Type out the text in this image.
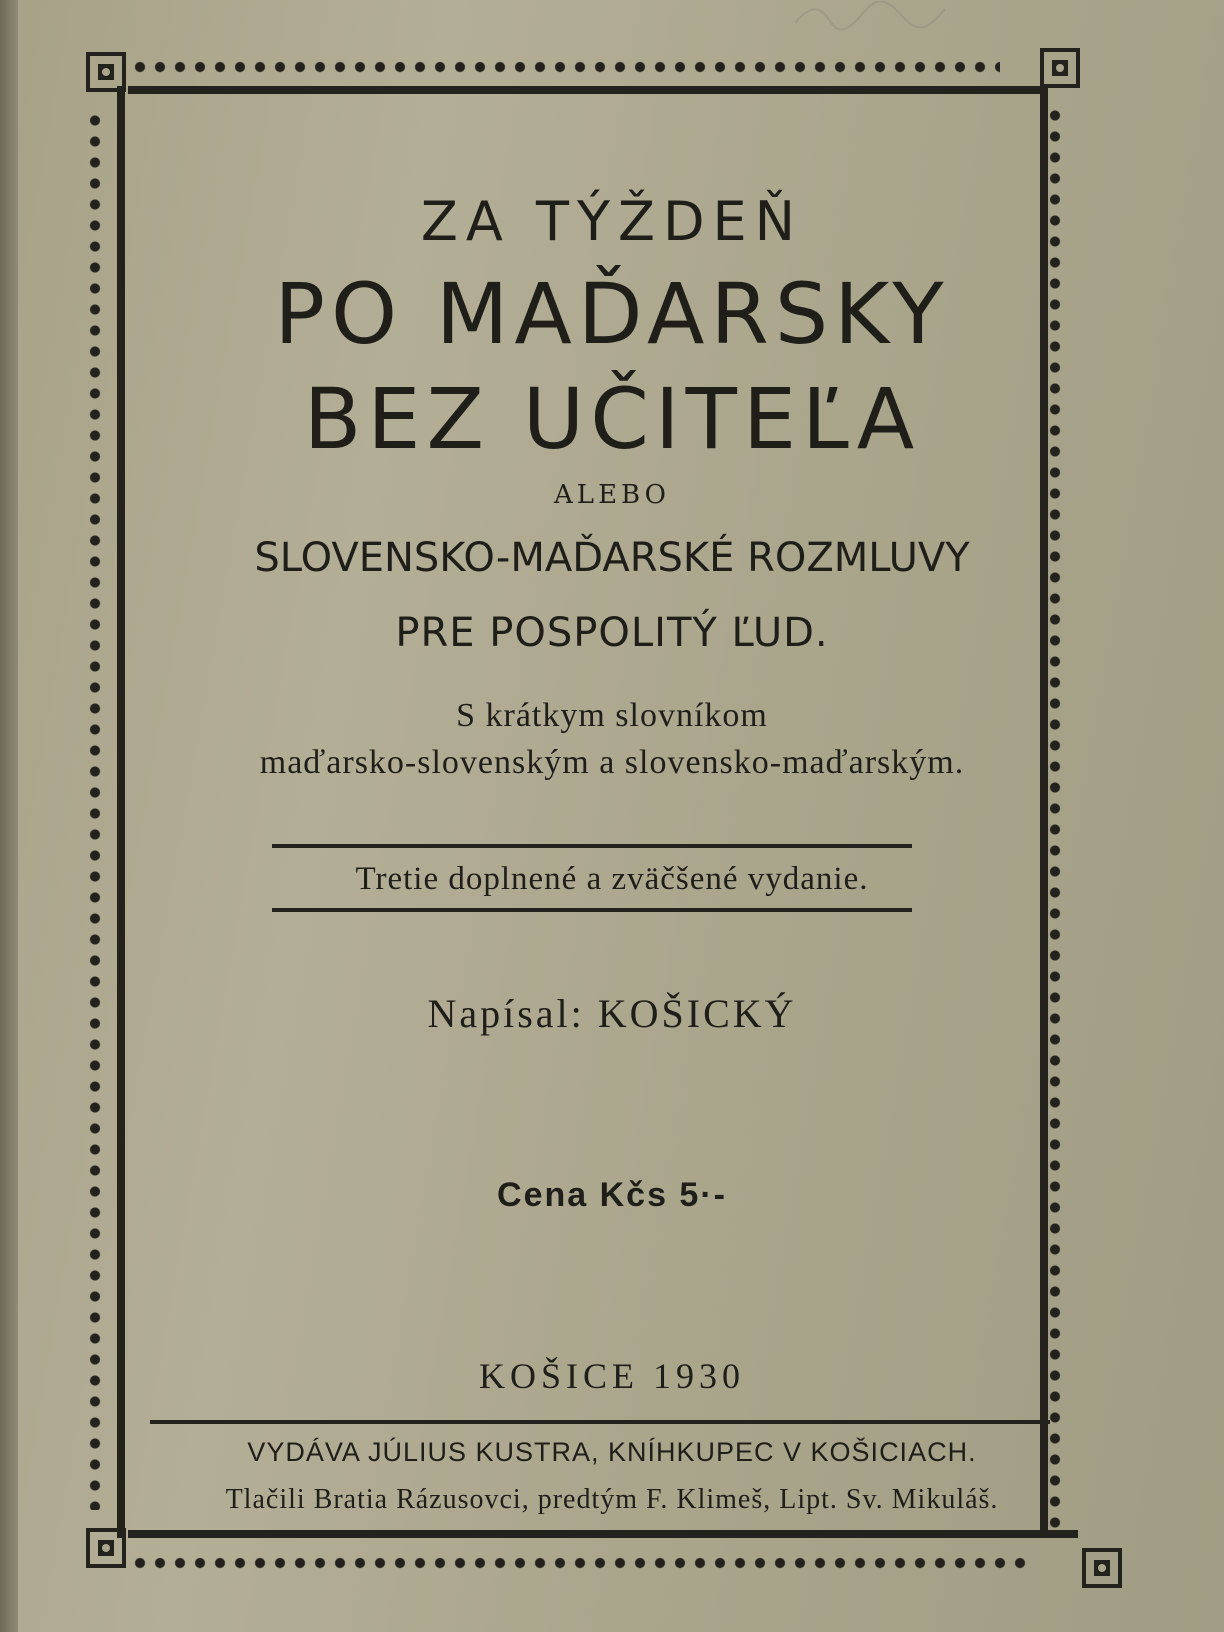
ZA TÝŽDEŇ
PO MAĎARSKY
BEZ UČITEĽA
ALEBO
SLOVENSKO-MAĎARSKÉ ROZMLUVY
PRE POSPOLITÝ ĽUD.
S krátkym slovníkom
maďarsko-slovenským a slovensko-maďarským.
Tretie doplnené a zväčšené vydanie.
Napísal: KOŠICKÝ
Cena Kčs 5·-
KOŠICE 1930
VYDÁVA JÚLIUS KUSTRA, KNÍHKUPEC V KOŠICIACH.
Tlačili Bratia Rázusovci, predtým F. Klimeš, Lipt. Sv. Mikuláš.
